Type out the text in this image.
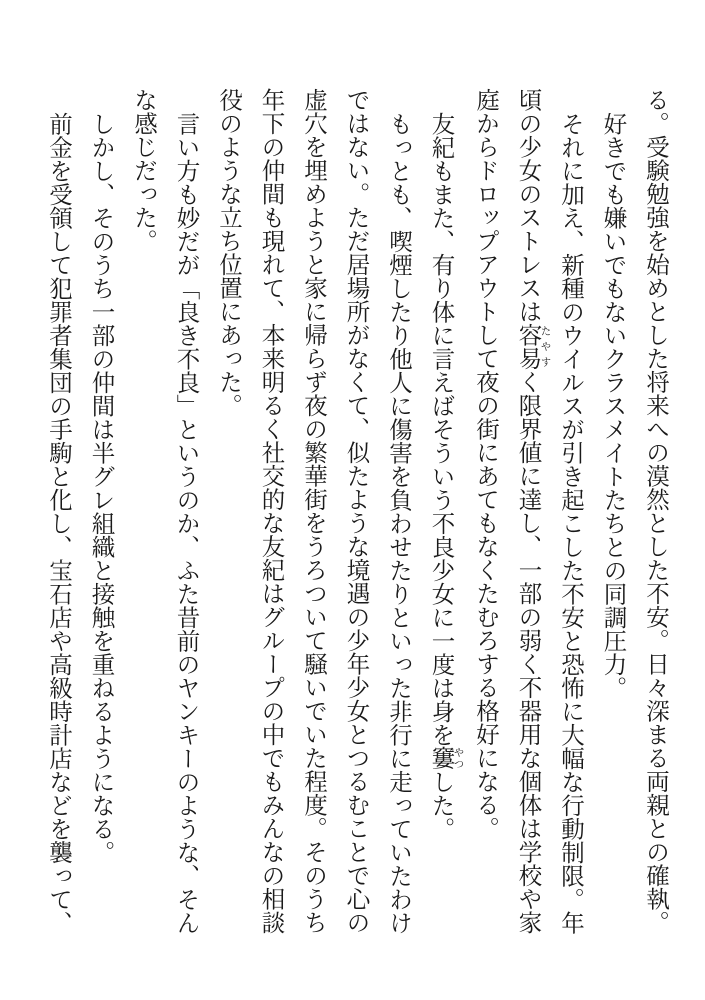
る。受験勉強を始めとした将来への漠然とした不安。日々深まる両親との確執。

好きでも嫌いでもないクラスメイトたちとの同調圧力。

それに加え、新種のウイルスが引き起こした不安と恐怖に大幅な行動制限。年頃の少女のストレスは容易 たやすく限界値に達し、一部の弱く不器用な個体は学校や家庭からドロップアウトして夜の街にあてもなくたむろする格好になる。

友紀もまた、有り体に言えばそういう不良少女に一度は身を窶 やつした。

もっとも、喫煙したり他人に傷害を負わせたりといった非行に走っていたわけではない。ただ居場所がなくて、似たような境遇の少年少女とつるむことで心の虚穴を埋めようと家に帰らず夜の繁華街をうろついて騒いでいた程度。そのうち年下の仲間も現れて、本来明るく社交的な友紀はグループの中でもみんなの相談役のような立ち位置にあった。

言い方も妙だが「良き不良」というのか、ふた昔前のヤンキーのような、そんな感じだった。

しかし、そのうち一部の仲間は半グレ組織と接触を重ねるようになる。

前金を受領して犯罪者集団の手駒と化し、宝石店や高級時計店などを襲って、
